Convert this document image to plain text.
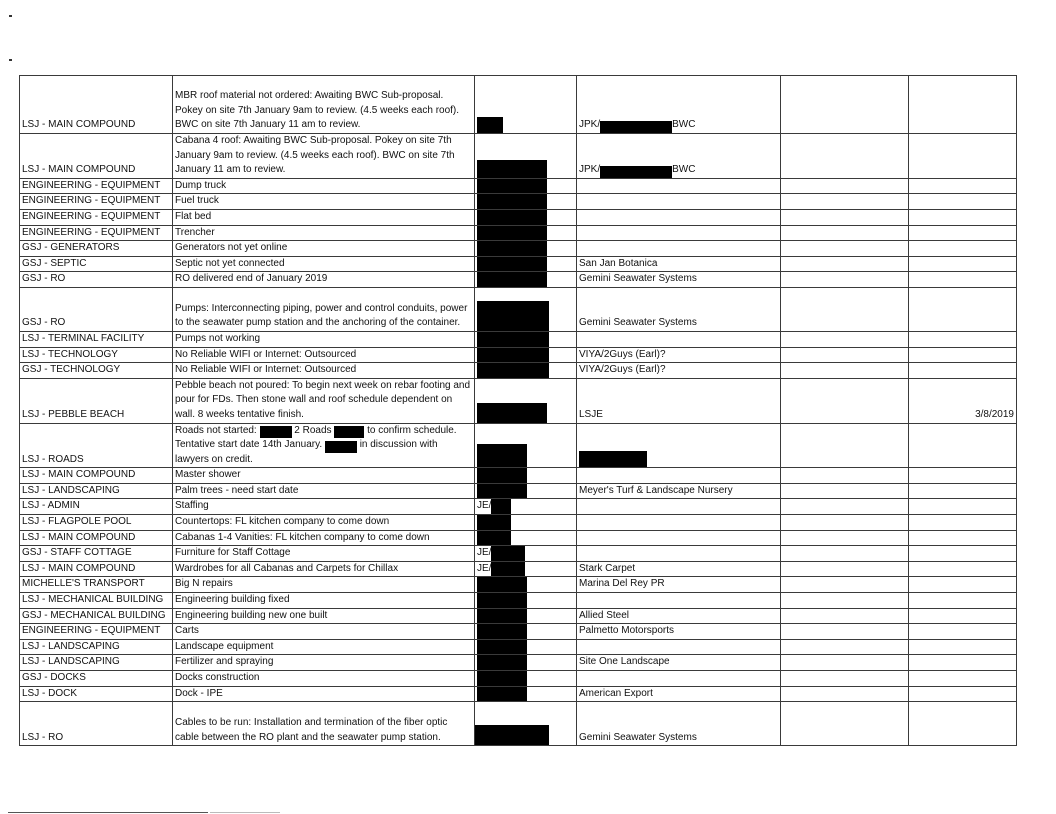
LSJ - MAIN COMPOUND	MBR roof material not ordered: Awaiting BWC Sub-proposal. Pokey on site 7th January 9am to review. (4.5 weeks each roof). BWC on site 7th January 11 am to review.		JPK/ BWC		
LSJ - MAIN COMPOUND	Cabana 4 roof: Awaiting BWC Sub-proposal. Pokey on site 7th January 9am to review. (4.5 weeks each roof). BWC on site 7th January 11 am to review.		JPK/ BWC		
ENGINEERING - EQUIPMENT	Dump truck	

ENGINEERING - EQUIPMENT	Fuel truck	

ENGINEERING - EQUIPMENT	Flat bed	

ENGINEERING - EQUIPMENT	Trencher	

GSJ - GENERATORS	Generators not yet online	

GSJ - SEPTIC	Septic not yet connected		San Jan Botanica		
GSJ - RO	RO delivered end of January 2019		Gemini Seawater Systems		
GSJ - RO	Pumps: Interconnecting piping, power and control conduits, power to the seawater pump station and the anchoring of the container.		Gemini Seawater Systems		
LSJ - TERMINAL FACILITY	Pumps not working	

LSJ - TECHNOLOGY	No Reliable WIFI or Internet: Outsourced		VIYA/2Guys (Earl)?		
GSJ - TECHNOLOGY	No Reliable WIFI or Internet: Outsourced		VIYA/2Guys (Earl)?		
LSJ - PEBBLE BEACH	Pebble beach not poured: To begin next week on rebar footing and pour for FDs. Then stone wall and roof schedule dependent on wall. 8 weeks tentative finish.		LSJE		3/8/2019
LSJ - ROADS	Roads not started: 2 Roads to confirm schedule.
Tentative start date 14th January. in discussion with
lawyers on credit.	

LSJ - MAIN COMPOUND	Master shower	

LSJ - LANDSCAPING	Palm trees - need start date		Meyer's Turf & Landscape Nursery		
LSJ - ADMIN	Staffing	JE/			

LSJ - FLAGPOLE POOL	Countertops: FL kitchen company to come down	

LSJ - MAIN COMPOUND	Cabanas 1-4 Vanities: FL kitchen company to come down	

GSJ - STAFF COTTAGE	Furniture for Staff Cottage	JE/			

LSJ - MAIN COMPOUND	Wardrobes for all Cabanas and Carpets for Chillax	JE/	Stark Carpet		
MICHELLE'S TRANSPORT	Big N repairs		Marina Del Rey PR		
LSJ - MECHANICAL BUILDING	Engineering building fixed	

GSJ - MECHANICAL BUILDING	Engineering building new one built		Allied Steel		
ENGINEERING - EQUIPMENT	Carts		Palmetto Motorsports		
LSJ - LANDSCAPING	Landscape equipment	

LSJ - LANDSCAPING	Fertilizer and spraying		Site One Landscape		
GSJ - DOCKS	Docks construction	

LSJ - DOCK	Dock - IPE		American Export		
LSJ - RO	Cables to be run: Installation and termination of the fiber optic cable between the RO plant and the seawater pump station.		Gemini Seawater Systems		
